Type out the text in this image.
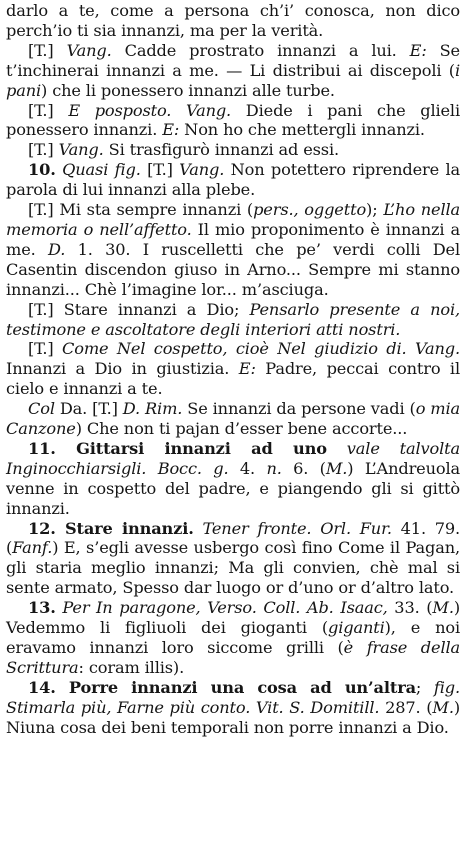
darlo a te, come a persona ch’i’ conosca, non dico perch’io ti sia innanzi, ma per la verità.

[T.] Vang. Cadde prostrato innanzi a lui. E: Se t’inchinerai innanzi a me. — Li distribui ai discepoli (i pani) che li ponessero innanzi alle turbe.

[T.] E posposto. Vang. Diede i pani che glieli ponessero innanzi. E: Non ho che mettergli innanzi.

[T.] Vang. Si trasfigurò innanzi ad essi.

10. Quasi fig. [T.] Vang. Non potettero riprendere la parola di lui innanzi alla plebe.

[T.] Mi sta sempre innanzi (pers., oggetto); L’ho nella memoria o nell’affetto. Il mio proponimento è innanzi a me. D. 1. 30. I ruscelletti che pe’ verdi colli Del Casentin discendon giuso in Arno... Sempre mi stanno innanzi... Chè l’imagine lor... m’asciuga.

[T.] Stare innanzi a Dio; Pensarlo presente a noi, testimone e ascoltatore degli interiori atti nostri.

[T.] Come Nel cospetto, cioè Nel giudizio di. Vang. Innanzi a Dio in giustizia. E: Padre, peccai contro il cielo e innanzi a te.

Col Da. [T.] D. Rim. Se innanzi da persone vadi (o mia Canzone) Che non ti pajan d’esser bene accorte...

11. Gittarsi innanzi ad uno vale talvolta Inginocchiarsigli. Bocc. g. 4. n. 6. (M.) L’Andreuola venne in cospetto del padre, e piangendo gli si gittò innanzi.

12. Stare innanzi. Tener fronte. Orl. Fur. 41. 79. (Fanf.) E, s’egli avesse usbergo così fino Come il Pagan, gli staria meglio innanzi; Ma gli convien, chè mal si sente armato, Spesso dar luogo or d’uno or d’altro lato.

13. Per In paragone, Verso. Coll. Ab. Isaac, 33. (M.) Vedemmo li figliuoli dei gioganti (giganti), e noi eravamo innanzi loro siccome grilli (è frase della Scrittura: coram illis).

14. Porre innanzi una cosa ad un’altra; fig. Stimarla più, Farne più conto. Vit. S. Domitill. 287. (M.) Niuna cosa dei beni temporali non porre innanzi a Dio.
